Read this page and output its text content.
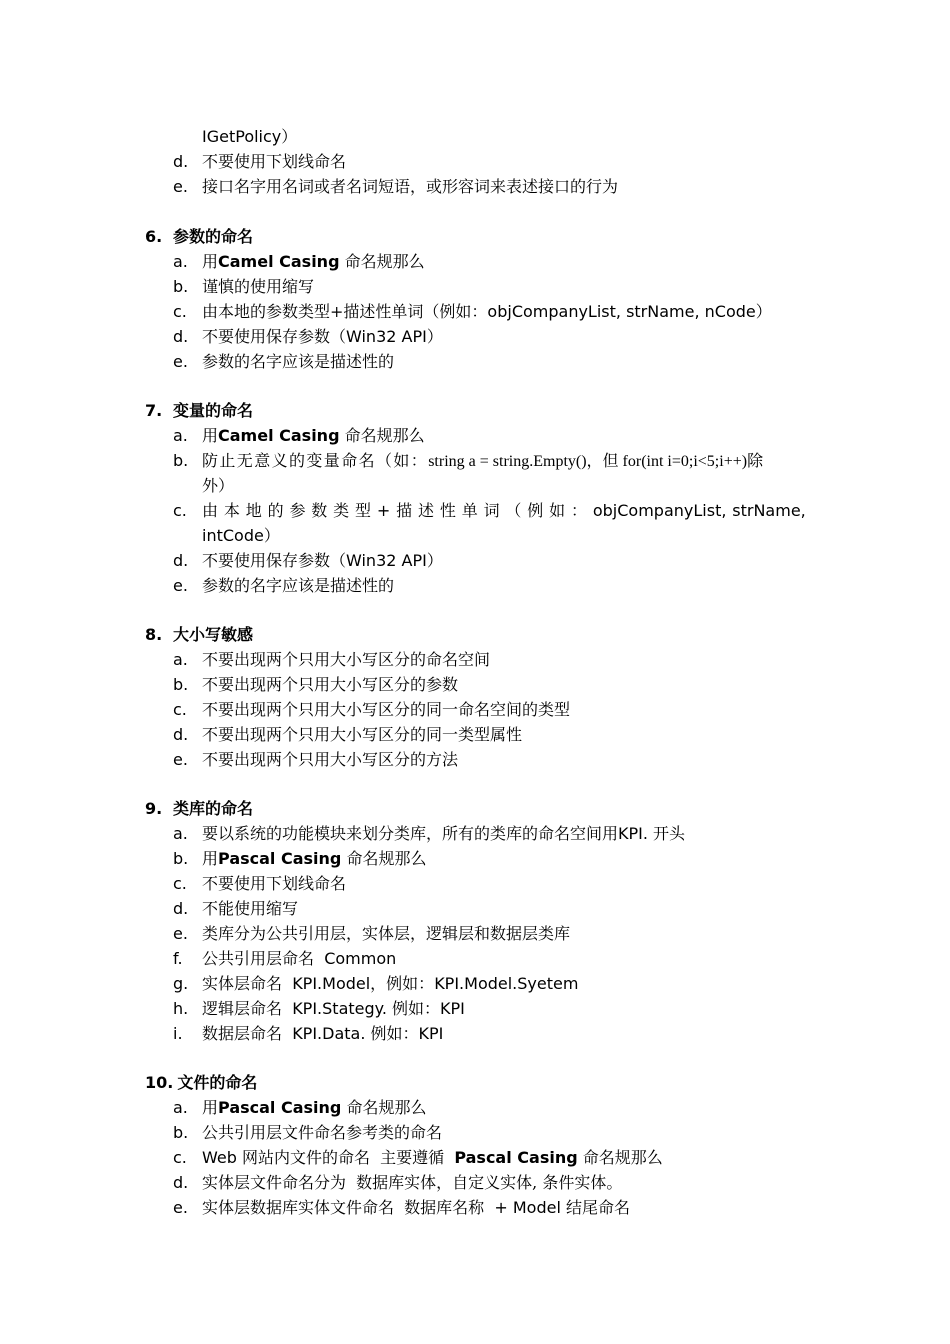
IGetPolicy）
d. 不要使用下划线命名
e. 接口名字用名词或者名词短语，或形容词来表述接口的行为
6. 参数的命名
a. 用Camel Casing 命名规那么
b. 谨慎的使用缩写
c. 由本地的参数类型+描述性单词（例如：objCompanyList, strName, nCode）
d. 不要使用保存参数（Win32 API）
e. 参数的名字应该是描述性的
7. 变量的命名
a. 用Camel Casing 命名规那么
b. 防止无意义的变量命名（如：string a = string.Empty()，但 for(int i=0;i<5;i++)除
外）
c. 由 本 地 的 参 数 类 型 + 描 述 性 单 词 （ 例 如 ： objCompanyList, strName,
intCode）
d. 不要使用保存参数（Win32 API）
e. 参数的名字应该是描述性的
8. 大小写敏感
a. 不要出现两个只用大小写区分的命名空间
b. 不要出现两个只用大小写区分的参数
c. 不要出现两个只用大小写区分的同一命名空间的类型
d. 不要出现两个只用大小写区分的同一类型属性
e. 不要出现两个只用大小写区分的方法
9. 类库的命名
a. 要以系统的功能模块来划分类库，所有的类库的命名空间用KPI. 开头
b. 用Pascal Casing 命名规那么
c. 不要使用下划线命名
d. 不能使用缩写
e. 类库分为公共引用层，实体层，逻辑层和数据层类库
f. 公共引用层命名  Common
g. 实体层命名  KPI.Model，例如：KPI.Model.Syetem
h. 逻辑层命名  KPI.Stategy. 例如：KPI
i. 数据层命名  KPI.Data. 例如：KPI
10. 文件的命名
a. 用Pascal Casing 命名规那么
b. 公共引用层文件命名参考类的命名
c. Web 网站内文件的命名  主要遵循  Pascal Casing 命名规那么
d. 实体层文件命名分为  数据库实体，自定义实体, 条件实体。
e. 实体层数据库实体文件命名  数据库名称  + Model 结尾命名
